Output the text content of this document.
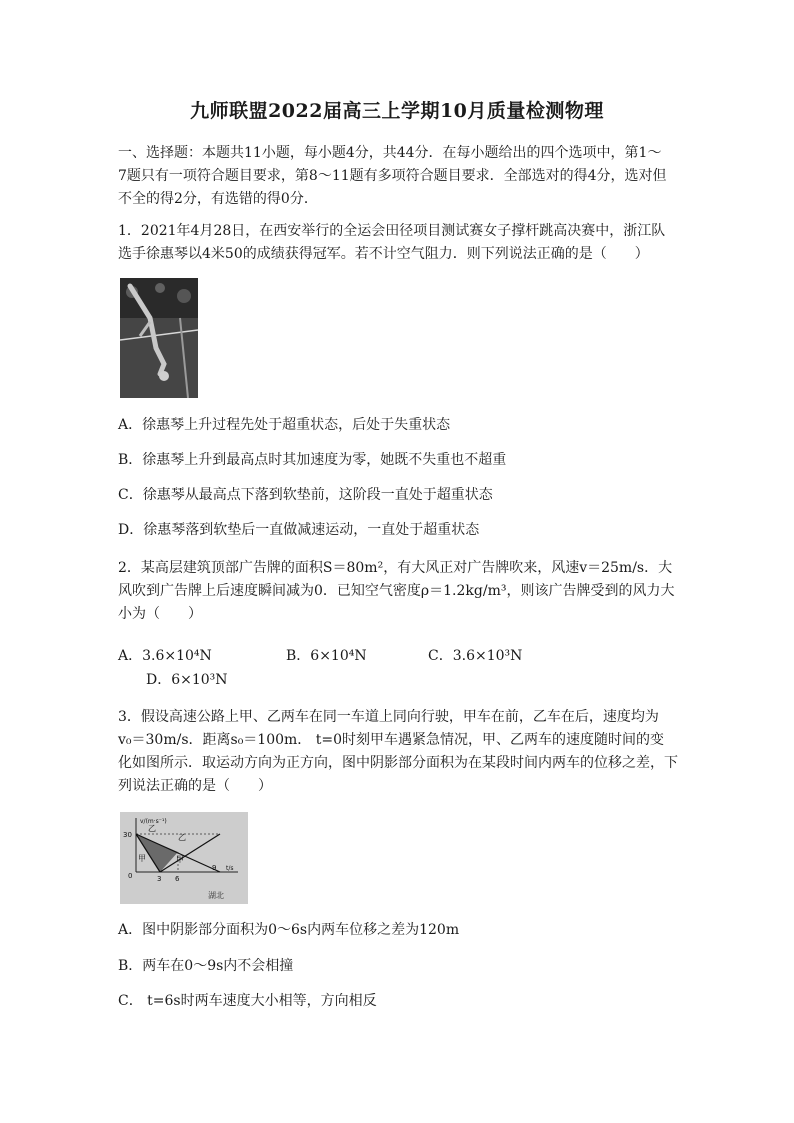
九师联盟2022届高三上学期10月质量检测物理
一、选择题：本题共11小题，每小题4分，共44分．在每小题给出的四个选项中，第1～
7题只有一项符合题目要求，第8～11题有多项符合题目要求．全部选对的得4分，选对但
不全的得2分，有选错的得0分．
1．2021年4月28日，在西安举行的全运会田径项目测试赛女子撑杆跳高决赛中，浙江队
选手徐惠琴以4米50的成绩获得冠军。若不计空气阻力．则下列说法正确的是（　　）
A．徐惠琴上升过程先处于超重状态，后处于失重状态
B．徐惠琴上升到最高点时其加速度为零，她既不失重也不超重
C．徐惠琴从最高点下落到软垫前，这阶段一直处于超重状态
D．徐惠琴落到软垫后一直做减速运动，一直处于超重状态
2．某高层建筑顶部广告牌的面积S＝80m²，有大风正对广告牌吹来，风速v＝25m/s．大
风吹到广告牌上后速度瞬间减为0．已知空气密度ρ＝1.2kg/m³，则该广告牌受到的风力大
小为（　　）
A．3.6×10⁴N	B．6×10⁴N	C．3.6×10³N
D．6×10³N
3．假设高速公路上甲、乙两车在同一车道上同向行驶，甲车在前，乙车在后，速度均为
v₀＝30m/s．距离s₀＝100m． t=0时刻甲车遇紧急情况，甲、乙两车的速度随时间的变
化如图所示．取运动方向为正方向，图中阴影部分面积为在某段时间内两车的位移之差，下
列说法正确的是（　　）
v/(m·s⁻¹)
30
0	3 6
9 t/s
乙
乙
甲	甲
湖北
A．图中阴影部分面积为0～6s内两车位移之差为120m
B．两车在0～9s内不会相撞
C． t=6s时两车速度大小相等，方向相反
